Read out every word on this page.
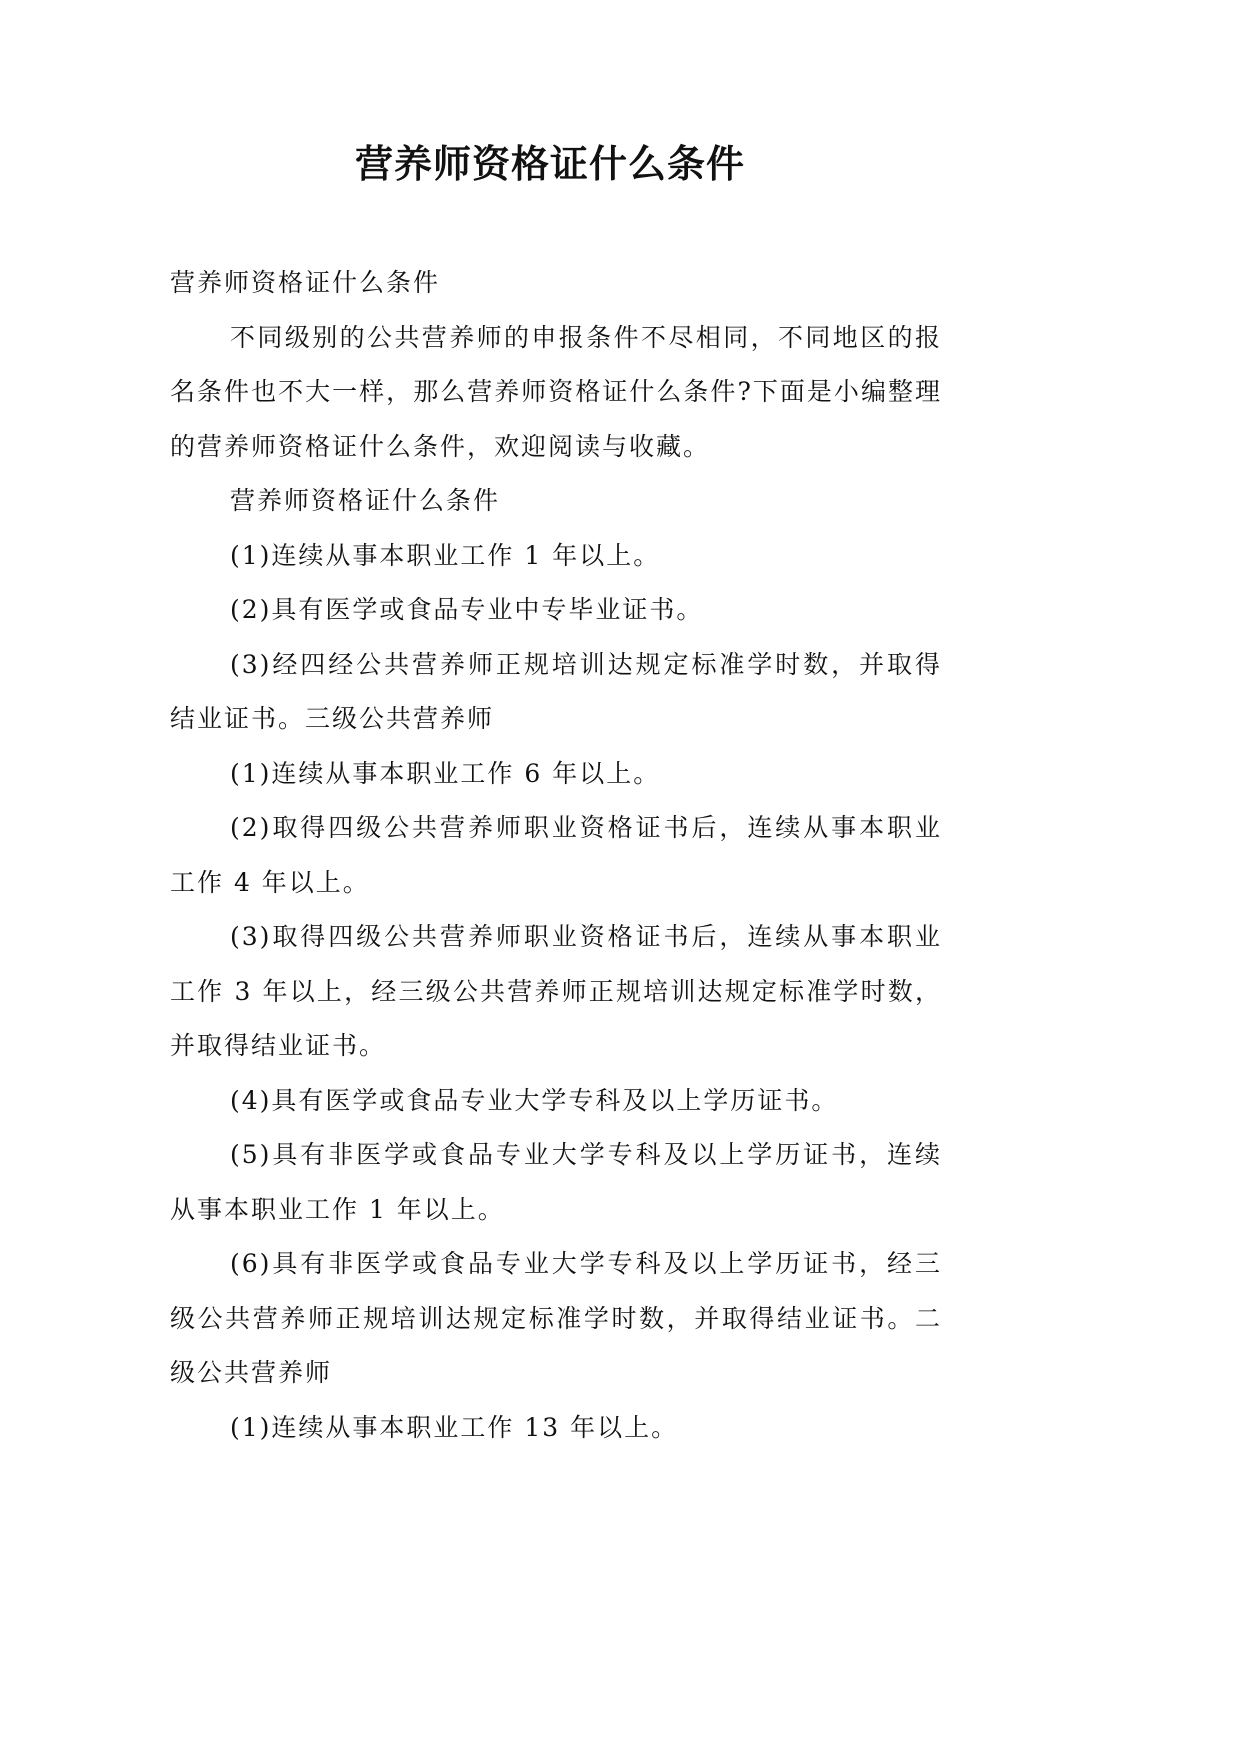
营养师资格证什么条件

营养师资格证什么条件

不同级别的公共营养师的申报条件不尽相同，不同地区的报名条件也不大一样，那么营养师资格证什么条件?下面是小编整理的营养师资格证什么条件，欢迎阅读与收藏。

营养师资格证什么条件

(1)连续从事本职业工作 1 年以上。

(2)具有医学或食品专业中专毕业证书。

(3)经四经公共营养师正规培训达规定标准学时数，并取得结业证书。三级公共营养师

(1)连续从事本职业工作 6 年以上。

(2)取得四级公共营养师职业资格证书后，连续从事本职业工作 4 年以上。

(3)取得四级公共营养师职业资格证书后，连续从事本职业工作 3 年以上，经三级公共营养师正规培训达规定标准学时数，并取得结业证书。

(4)具有医学或食品专业大学专科及以上学历证书。

(5)具有非医学或食品专业大学专科及以上学历证书，连续从事本职业工作 1 年以上。

(6)具有非医学或食品专业大学专科及以上学历证书，经三级公共营养师正规培训达规定标准学时数，并取得结业证书。二级公共营养师

(1)连续从事本职业工作 13 年以上。
